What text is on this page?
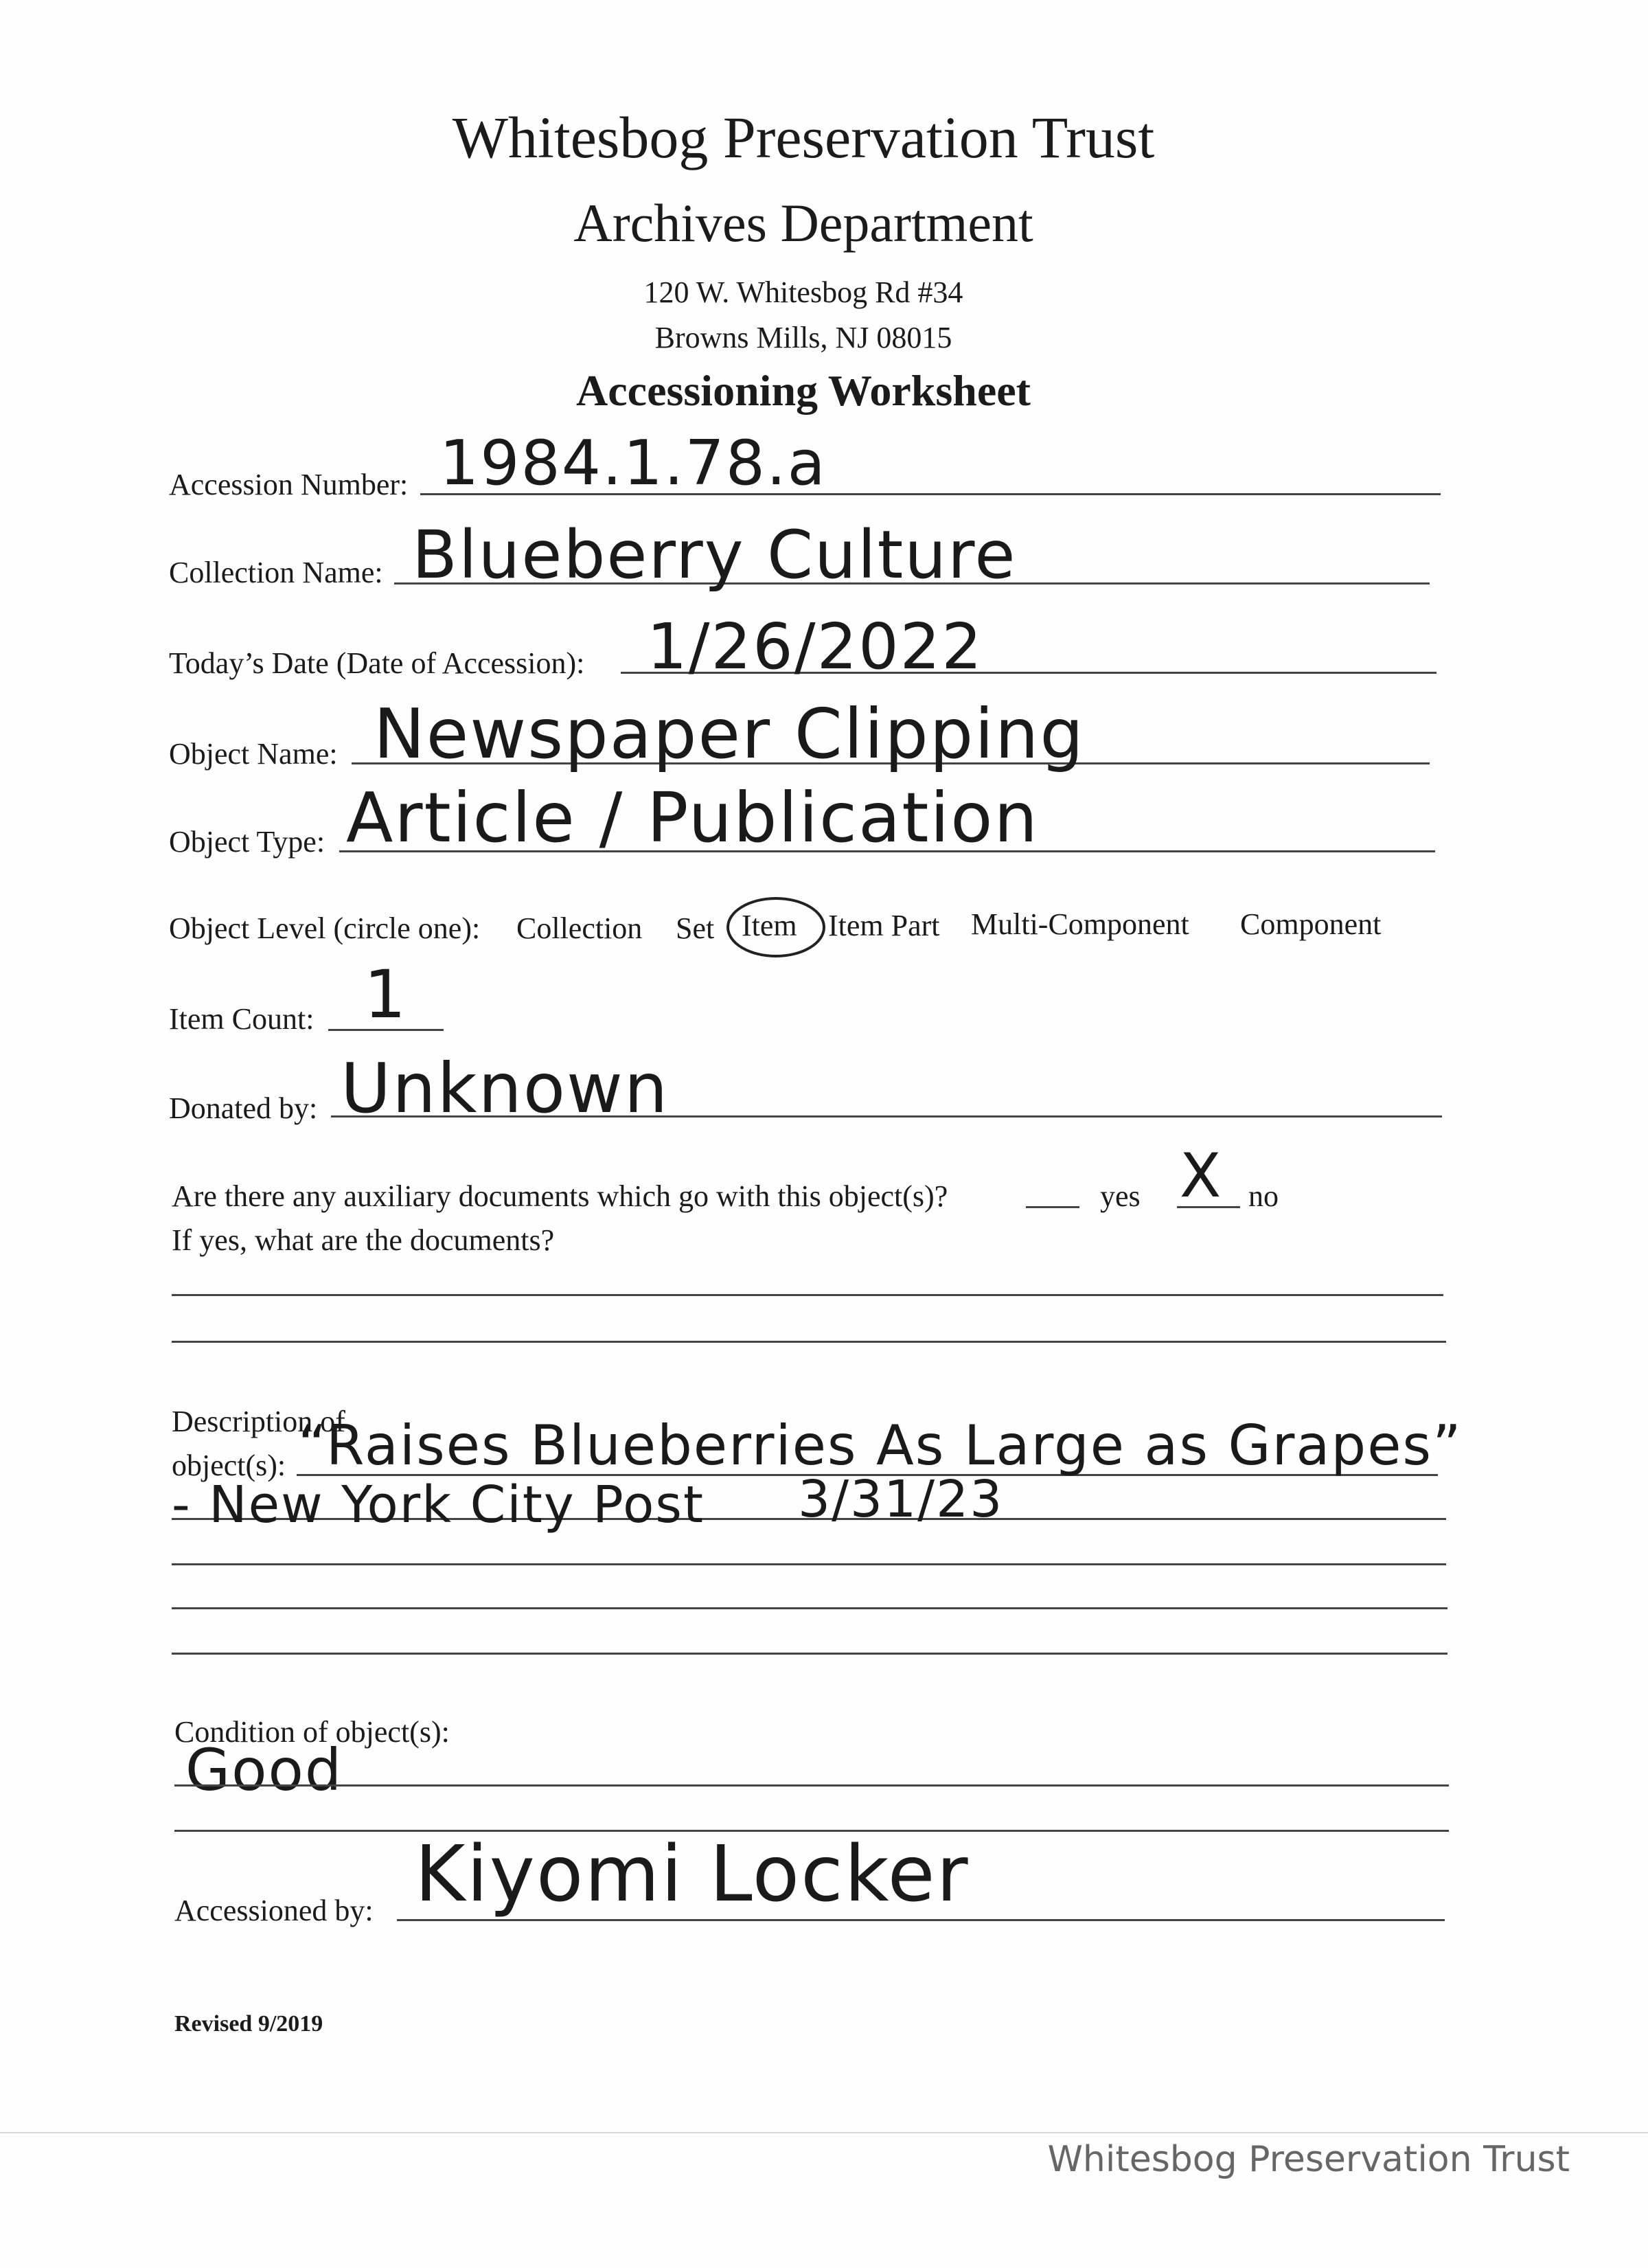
Whitesbog Preservation Trust
Archives Department
120 W. Whitesbog Rd #34
Browns Mills, NJ 08015
Accessioning Worksheet
Accession Number: 1984.1.78.a
Collection Name: Blueberry Culture
Today’s Date (Date of Accession): 1/26/2022
Object Name: Newspaper Clipping
Object Type: Article / Publication
Object Level (circle one): Collection Set Item Item Part Multi-Component Component
Item Count: 1
Donated by: Unknown
Are there any auxiliary documents which go with this object(s)?	yes X no
If yes, what are the documents?
Description of
object(s): “Raises Blueberries As Large as Grapes”
- New York City Post 3/31/23
Condition of object(s):
Good
Accessioned by: Kiyomi Locker
Revised 9/2019
Whitesbog Preservation Trust
